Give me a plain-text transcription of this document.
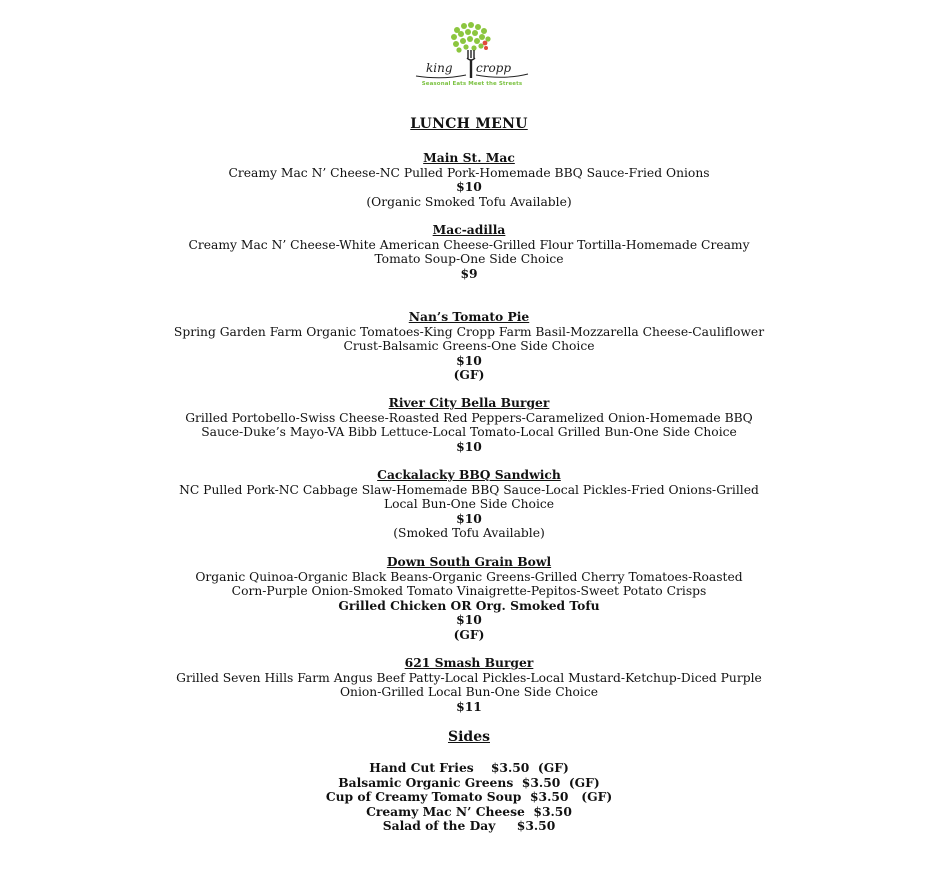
king cropp
Seasonal Eats Meet the Streets
LUNCH MENU
Main St. Mac
Creamy Mac N’ Cheese-NC Pulled Pork-Homemade BBQ Sauce-Fried Onions
$10
(Organic Smoked Tofu Available)
Mac-adilla
Creamy Mac N’ Cheese-White American Cheese-Grilled Flour Tortilla-Homemade Creamy
Tomato Soup-One Side Choice
$9
Nan’s Tomato Pie
Spring Garden Farm Organic Tomatoes-King Cropp Farm Basil-Mozzarella Cheese-Cauliflower
Crust-Balsamic Greens-One Side Choice
$10
(GF)
River City Bella Burger
Grilled Portobello-Swiss Cheese-Roasted Red Peppers-Caramelized Onion-Homemade BBQ
Sauce-Duke’s Mayo-VA Bibb Lettuce-Local Tomato-Local Grilled Bun-One Side Choice
$10
Cackalacky BBQ Sandwich
NC Pulled Pork-NC Cabbage Slaw-Homemade BBQ Sauce-Local Pickles-Fried Onions-Grilled
Local Bun-One Side Choice
$10
(Smoked Tofu Available)
Down South Grain Bowl
Organic Quinoa-Organic Black Beans-Organic Greens-Grilled Cherry Tomatoes-Roasted
Corn-Purple Onion-Smoked Tomato Vinaigrette-Pepitos-Sweet Potato Crisps
Grilled Chicken OR Org. Smoked Tofu
$10
(GF)
621 Smash Burger
Grilled Seven Hills Farm Angus Beef Patty-Local Pickles-Local Mustard-Ketchup-Diced Purple
Onion-Grilled Local Bun-One Side Choice
$11
Sides
Hand Cut Fries    $3.50  (GF)
Balsamic Organic Greens  $3.50  (GF)
Cup of Creamy Tomato Soup  $3.50   (GF)
Creamy Mac N’ Cheese  $3.50
Salad of the Day     $3.50
